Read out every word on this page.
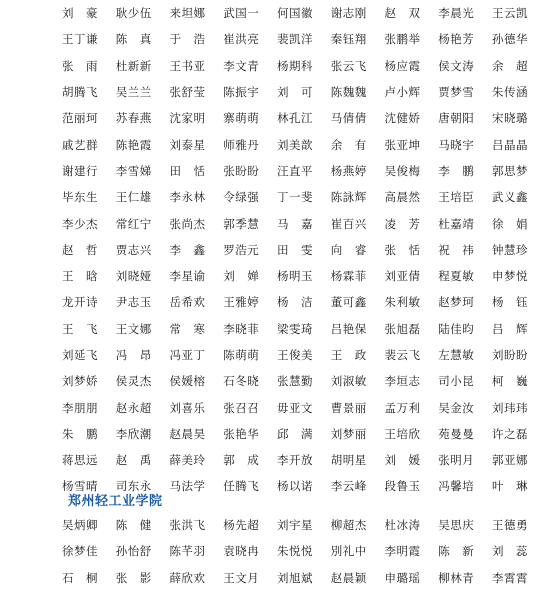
刘　豪	耿少伍	来坦娜	武国一	何国徽	谢志刚	赵　双	李晨光	王云凯
王丁谦	陈　真	于　浩	崔洪亮	裴凯洋	秦钰翔	张鹏举	杨艳芳	孙德华
张　雨	杜新新	王书亚	李文青	杨期科	张云飞	杨应霞	侯文涛	余　超
胡腾飞	吴兰兰	张舒莹	陈振宇	刘　可	陈魏魏	卢小辉	贾梦雪	朱传涵
范丽珂	苏春燕	沈家明	寨萌萌	林孔江	马倩倩	沈健娇	唐朝阳	宋晓璐
戚艺群	陈艳霞	刘泰星	师雅丹	刘美歆	余　有	张亚坤	马晓宇	吕晶晶
谢建行	李雪娣	田　恬	张盼盼	汪直平	杨燕婷	吴俊梅	李　鹏	郭思梦
毕东生	王仁雄	李永林	令绿强	丁一斐	陈詠辉	高晨然	王培臣	武义鑫
李少杰	常红宁	张尚杰	郭季慧	马　嘉	崔百兴	凌　芳	杜嘉靖	徐　娟
赵　哲	贾志兴	李　鑫	罗浩元	田　雯	向　睿	张　恬	祝　祎	钟慧珍
王　晗	刘晓娅	李星谕	刘　婵	杨明玉	杨霖菲	刘亚倩	程夏敏	申梦悦
龙开诗	尹志玉	岳希欢	王雅婷	杨　洁	董可鑫	朱利敏	赵梦珂	杨　钰
王　飞	王文娜	常　寒	李晓菲	梁雯琦	吕艳保	张旭磊	陆佳昀	吕　辉
刘延飞	冯　昂	冯亚丁	陈萌萌	王俊美	王　政	裴云飞	左慧敏	刘盼盼
刘梦娇	侯灵杰	侯媛榕	石冬晓	张慧勤	刘淑敏	李垣志	司小昆	柯　巍
李朋朋	赵永超	刘喜乐	张召召	毋亚文	曹景丽	孟万利	吴金汝	刘玮玮
朱　鹏	李欣潮	赵晨昊	张艳华	邱　满	刘梦丽	王培欣	苑曼曼	许之磊
蒋思远	赵　禹	薛美玲	郭　成	李开放	胡明星	刘　媛	张明月	郭亚娜
杨雪晴	司东永	马法学	任腾飞	杨以诺	李云峰	段鲁玉	冯馨培	叶　琳
郑州轻工业学院
吴炳卿	陈　健	张洪飞	杨先超	刘宇星	柳超杰	杜冰涛	吴思庆	王德勇
徐梦佳	孙怡舒	陈芊羽	袁晓冉	朱悦悦	別礼中	李明霞	陈　新	刘　蕊
石　桐	张　影	薛欣欢	王文月	刘旭斌	赵晨颖	申璐瑶	柳林青	李霄霄
